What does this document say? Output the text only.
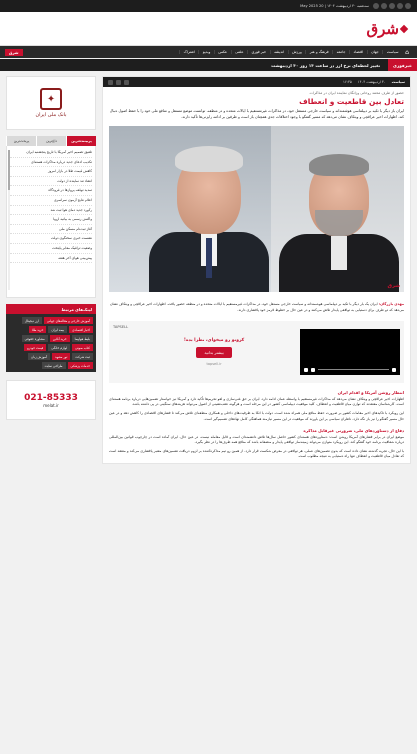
سه‌شنبه ۳۰ اردیبهشت ۱۴۰۴ | 20 May 2025
شرق
⌂
سیاست
جهان
اقتصاد
جامعه
فرهنگ و هنر
ورزش
اندیشه
خبر فوری
علمی
عکس
ویدیو
اشتراک
شرق
خبرفوری
تغییر لحظه‌ای نرخ ارز در ساعت ۱۳ روز ۳۰ اردیبهشت
سیاست
۳۰ اردیبهشت ۱۴۰۴
۱۶:۳۵
حضور از طرف محمد روحانی وزانگان نماینده ایران در مذاکرات
تعادل بین قاطعیت و انعطاف
ایران باز دیگر با تکیه بر دیپلماسی هوشمندانه و سیاست خارجی مستقل خود، در مذاکرات غیرمستقیم با ایالات متحده و در منطقه، توانست موضع مستقل و منافع ملی خود را با حفظ اصول دنبال کند. اظهارات اخیر عراقچی و ویتکاف نشان می‌دهد که مسیر گفتگو با وجود اختلافات جدی همچنان باز است و طرفین بر ادامه رایزنی‌ها تأکید دارند.
شرق
مهدی بازرگان: ایران یک بار دیگر با تکیه بر دیپلماسی هوشمندانه و سیاست خارجی مستقل خود، در مذاکرات غیرمستقیم با ایالات متحده و در منطقه حضور یافت. اظهارات اخیر عراقچی و ویتکاف نشان می‌دهد که دو طرف برای دستیابی به توافقی پایدار تلاش می‌کنند و در عین حال بر خطوط قرمز خود پافشاری دارند.
کروتو رو میخوای، نظرا بده!
بیشتر بدانید
tapsell.ir
TAPSELL
انتظار روشن آمریکا و اقدام ایران

اظهارات اخیر عراقچی و ویتکاف نشان می‌دهد که مذاکرات غیرمستقیم با واسطه عمان ادامه دارد. ایران بر حق غنی‌سازی و لغو تحریم‌ها تأکید دارد و آمریکا نیز خواستار تضمین‌هایی درباره برنامه هسته‌ای است. کارشناسان معتقدند که توازن میان قاطعیت و انعطاف، کلید موفقیت دیپلماسی کشور در این مرحله است و هرگونه عقب‌نشینی از اصول می‌تواند هزینه‌های سنگینی در پی داشته باشد.

این رویکرد با تاکیدهای اخیر مقامات کشور بر ضرورت حفظ منافع ملی همراه شده است. دولت با اتکا به ظرفیت‌های داخلی و همکاری منطقه‌ای تلاش می‌کند تا فشارهای اقتصادی را کاهش دهد و در عین حال مسیر گفتگو را نیز باز نگه دارد. ناظران سیاسی بر این باورند که موفقیت در این مسیر نیازمند هماهنگی کامل نهادهای تصمیم‌گیر است.

دفاع از دستاوردهای ملی، ضرورتی غیرقابل مذاکره

موضع ایران در برابر فشارهای آمریکا روشن است: دستاوردهای هسته‌ای کشور حاصل سال‌ها تلاش دانشمندان است و قابل معامله نیست. در عین حال، ایران آماده است در چارچوب قوانین بین‌المللی درباره شفافیت برنامه خود گفتگو کند. این رویکرد متوازن می‌تواند زمینه‌ساز توافقی پایدار و منصفانه باشد که منافع همه طرف‌ها را در نظر بگیرد.

با این حال، تجربه گذشته نشان داده است که بدون تضمین‌های عملی، هر توافقی در معرض شکست قرار دارد. از همین رو تیم مذاکره‌کننده بر لزوم دریافت تضمین‌های معتبر پافشاری می‌کند و معتقد است که تعادل میان قاطعیت و انعطاف تنها راه دستیابی به نتیجه مطلوب است.

✦
بانک ملی ایران
پربیننده‌ترین
داغ‌ترین
پربحث‌ترین
تلفیق تصمیم اخیر آمریکا با تاریخ پنجشنبه ایران
تکذیب ادعای جدید درباره مذاکرات هسته‌ای
کاهش قیمت طلا در بازار امروز
انتقاد تند نماینده از دولت
تمدید توقف پروازها در فرودگاه
اعلام نتایج آزمون سراسری
رکورد جدید دمای هوا ثبت شد
واکنش رسمی به بیانیه اروپا
آغاز ثبت‌نام مسکن ملی
نشست خبری سخنگوی دولت
وضعیت ترافیک معابر پایتخت
پیش‌بینی هوای آخر هفته
لینک‌های مرتبط
آموزش خارجی و مقاله‌های جهانی
ارز دیجیتال
اخبار اقتصادی
بیمه ایران
خرید طلا
بلیط هواپیما
خرید آنلاین
مشاوره حقوقی
کتاب صوتی
لوازم خانگی
قیمت خودرو
ثبت شرکت
تور مشهد
آموزش زبان
خدمات پزشکی
طراحی سایت
021-85333
melat.ir
